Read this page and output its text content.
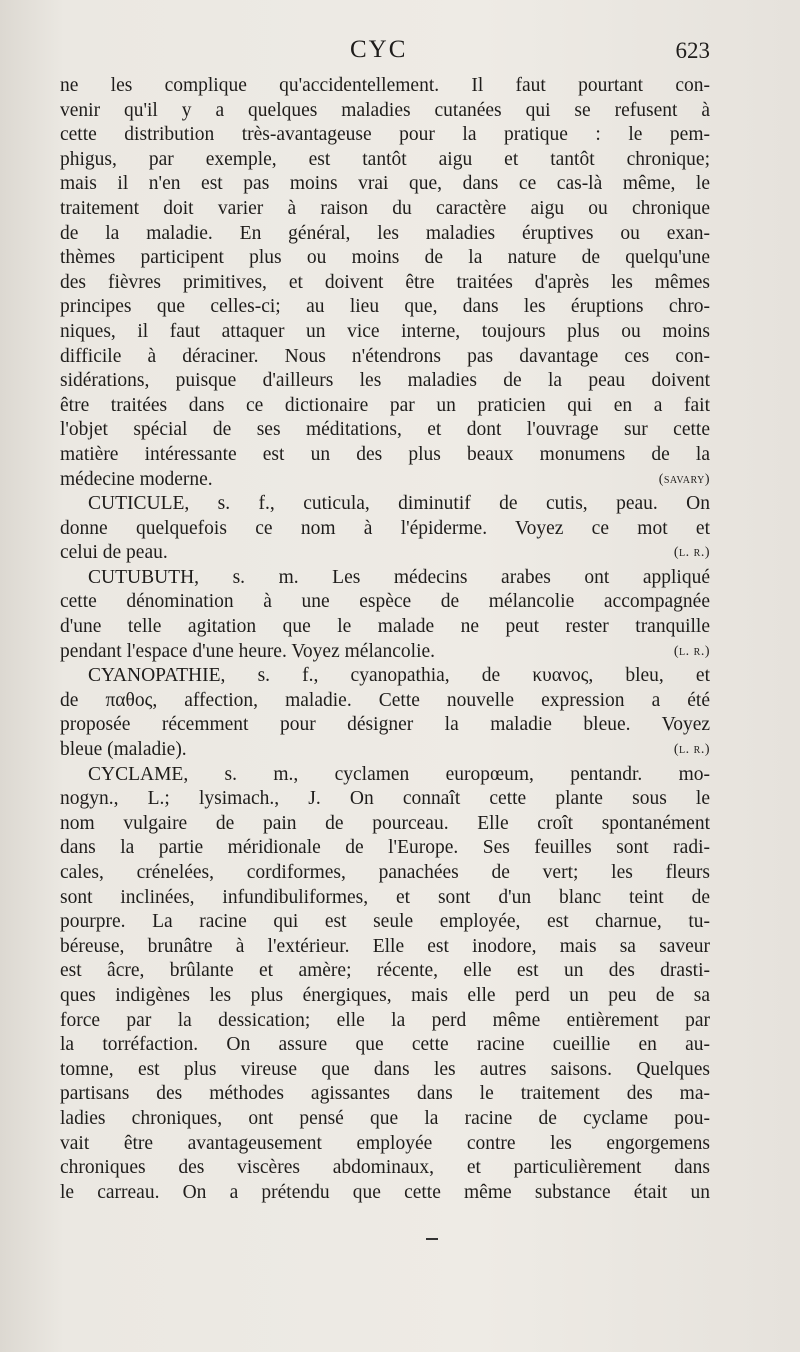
CYC	623
ne les complique qu'accidentellement. Il faut pourtant con-
venir qu'il y a quelques maladies cutanées qui se refusent à
cette distribution très-avantageuse pour la pratique : le pem-
phigus, par exemple, est tantôt aigu et tantôt chronique;
mais il n'en est pas moins vrai que, dans ce cas-là même, le
traitement doit varier à raison du caractère aigu ou chronique
de la maladie. En général, les maladies éruptives ou exan-
thèmes participent plus ou moins de la nature de quelqu'une
des fièvres primitives, et doivent être traitées d'après les mêmes
principes que celles-ci; au lieu que, dans les éruptions chro-
niques, il faut attaquer un vice interne, toujours plus ou moins
difficile à déraciner. Nous n'étendrons pas davantage ces con-
sidérations, puisque d'ailleurs les maladies de la peau doivent
être traitées dans ce dictionaire par un praticien qui en a fait
l'objet spécial de ses méditations, et dont l'ouvrage sur cette
matière intéressante est un des plus beaux monumens de la
médecine moderne.	(savary)
CUTICULE, s. f., cuticula, diminutif de cutis, peau. On
donne quelquefois ce nom à l'épiderme. Voyez ce mot et
celui de peau.	(l. r.)
CUTUBUTH, s. m. Les médecins arabes ont appliqué
cette dénomination à une espèce de mélancolie accompagnée
d'une telle agitation que le malade ne peut rester tranquille
pendant l'espace d'une heure. Voyez mélancolie.	(l. r.)
CYANOPATHIE, s. f., cyanopathia, de κυανος, bleu, et
de παθος, affection, maladie. Cette nouvelle expression a été
proposée récemment pour désigner la maladie bleue. Voyez
bleue (maladie).	(l. r.)
CYCLAME, s. m., cyclamen europœum, pentandr. mo-
nogyn., L.; lysimach., J. On connaît cette plante sous le
nom vulgaire de pain de pourceau. Elle croît spontanément
dans la partie méridionale de l'Europe. Ses feuilles sont radi-
cales, crénelées, cordiformes, panachées de vert; les fleurs
sont inclinées, infundibuliformes, et sont d'un blanc teint de
pourpre. La racine qui est seule employée, est charnue, tu-
béreuse, brunâtre à l'extérieur. Elle est inodore, mais sa saveur
est âcre, brûlante et amère; récente, elle est un des drasti-
ques indigènes les plus énergiques, mais elle perd un peu de sa
force par la dessication; elle la perd même entièrement par
la torréfaction. On assure que cette racine cueillie en au-
tomne, est plus vireuse que dans les autres saisons. Quelques
partisans des méthodes agissantes dans le traitement des ma-
ladies chroniques, ont pensé que la racine de cyclame pou-
vait être avantageusement employée contre les engorgemens
chroniques des viscères abdominaux, et particulièrement dans
le carreau. On a prétendu que cette même substance était un
